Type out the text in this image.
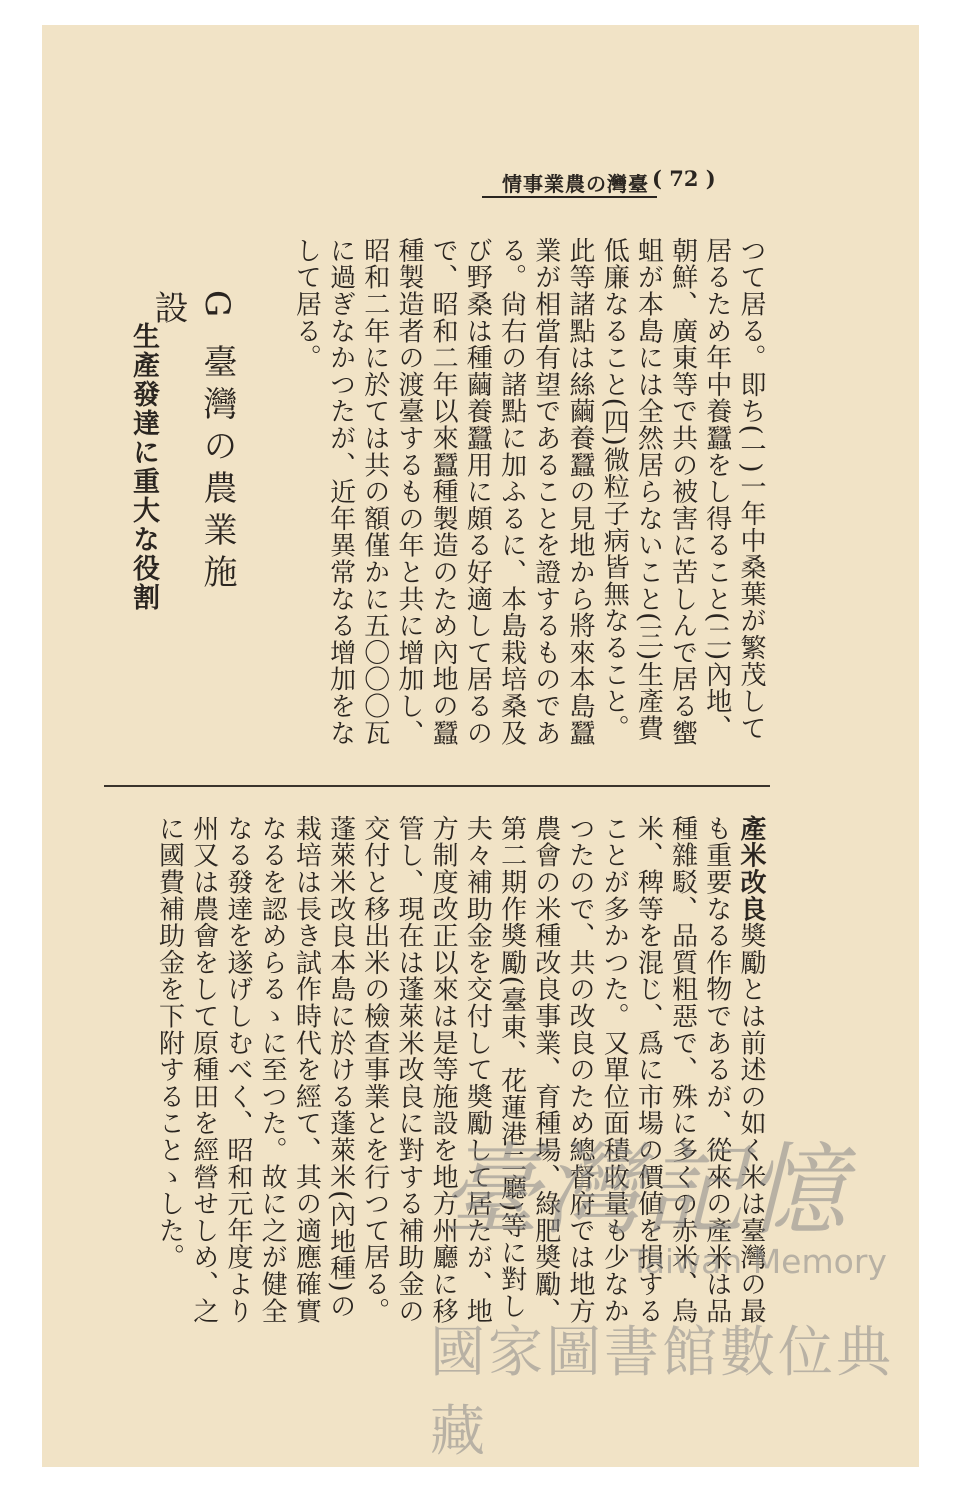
情事業農の灣臺 ( 72 )

つて居る。即ち(一)一年中桑葉が繁茂して居るため年中養蠶をし得ること(二)內地、朝鮮、廣東等で共の被害に苦しんで居る蠁蛆が本島には全然居らないこと(三)生產費低廉なること(四)微粒子病皆無なること。此等諸點は絲繭養蠶の見地から將來本島蠶業が相當有望であることを證するものである。尙右の諸點に加ふるに、本島栽培桑及び野桑は種繭養蠶用に頗る好適して居るので、昭和二年以來蠶種製造のため內地の蠶種製造者の渡臺するもの年と共に增加し、昭和二年に於ては共の額僅かに五〇〇〇瓦に過ぎなかつたが、近年異常なる增加をなして居る。

G 臺灣の農業施設
生產發達に重大な役割

產米改良奬勵とは前述の如く米は臺灣の最も重要なる作物であるが、從來の產米は品種雜駁、品質粗惡で、殊に多くの赤米、烏米、稗等を混じ、爲に市場の價値を損することが多かつた。又單位面積收量も少なかつたので、共の改良のため總督府では地方農會の米種改良事業、育種場、綠肥奬勵、第二期作奬勵(臺東、花蓮港二廳)等に對し夫々補助金を交付して奬勵して居たが、地方制度改正以來は是等施設を地方州廳に移管し、現在は蓬萊米改良に對する補助金の交付と移出米の檢查事業とを行つて居る。

蓬萊米改良本島に於ける蓬萊米(內地種)の栽培は長き試作時代を經て、其の適應確實なるを認めらるゝに至つた。故に之が健全なる發達を遂げしむべく、昭和元年度より州又は農會をして原種田を經營せしめ、之に國費補助金を下附することゝした。	臺灣記憶
Taiwan Memory
國家圖書館數位典藏
